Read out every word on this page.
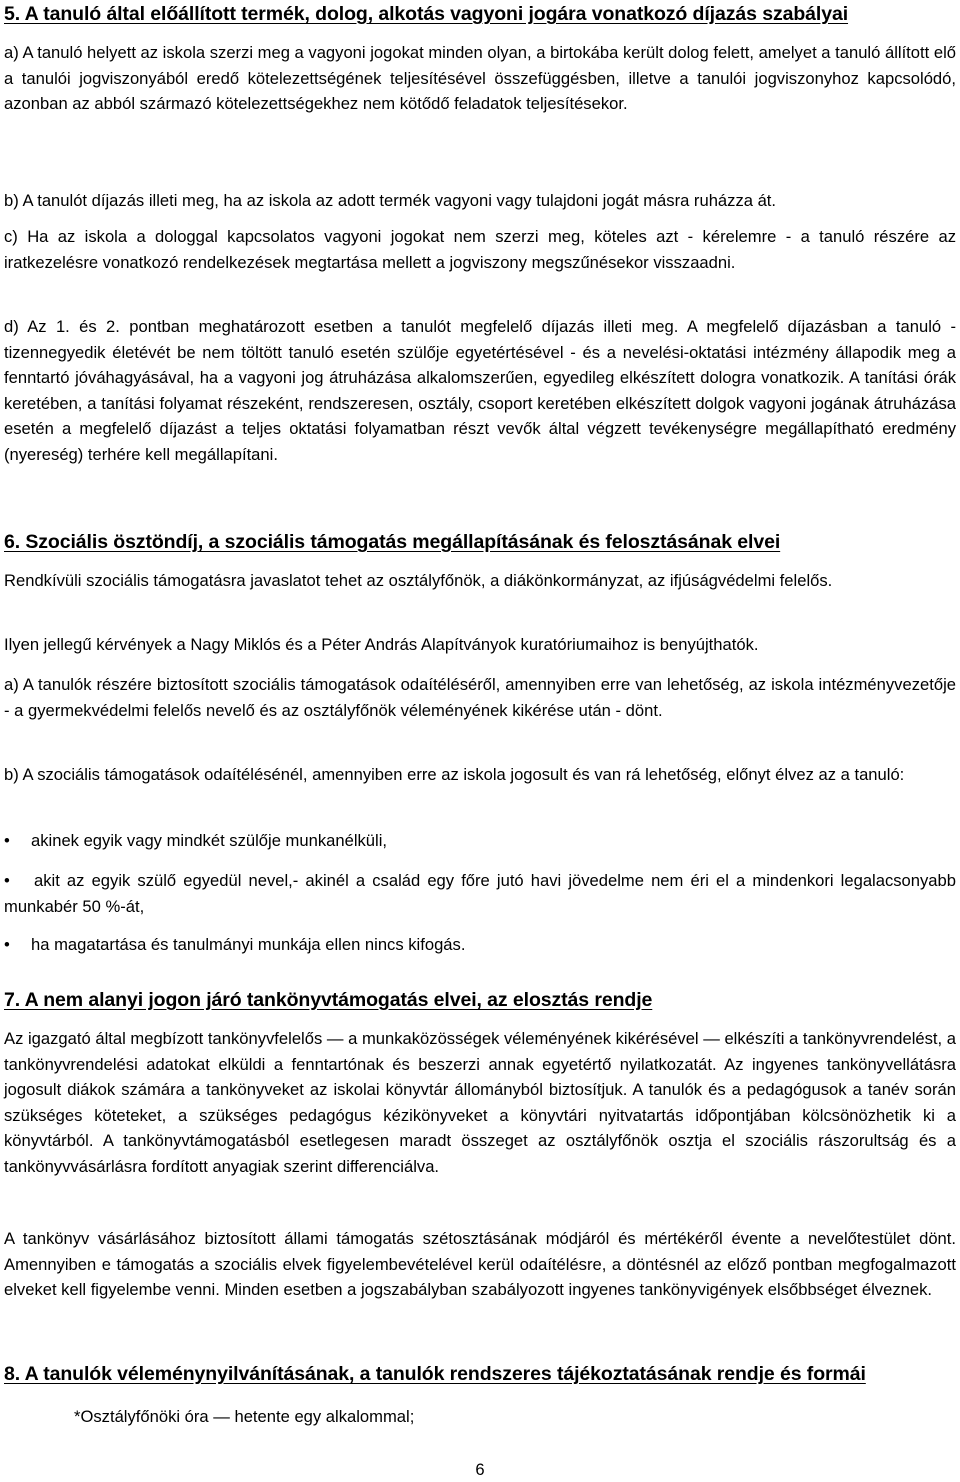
5. A tanuló által előállított termék, dolog, alkotás vagyoni jogára vonatkozó díjazás szabályai

a) A tanuló helyett az iskola szerzi meg a vagyoni jogokat minden olyan, a birtokába került dolog felett, amelyet a tanuló állított elő a tanulói jogviszonyából eredő kötelezettségének teljesítésével összefüggésben, illetve a tanulói jogviszonyhoz kapcsolódó, azonban az abból származó kötelezettségekhez nem kötődő feladatok teljesítésekor.

b) A tanulót díjazás illeti meg, ha az iskola az adott termék vagyoni vagy tulajdoni jogát másra ruházza át.

c) Ha az iskola a dologgal kapcsolatos vagyoni jogokat nem szerzi meg, köteles azt - kérelemre - a tanuló részére az iratkezelésre vonatkozó rendelkezések megtartása mellett a jogviszony megszűnésekor visszaadni.

d) Az 1. és 2. pontban meghatározott esetben a tanulót megfelelő díjazás illeti meg. A megfelelő díjazásban a tanuló - tizennegyedik életévét be nem töltött tanuló esetén szülője egyetértésével - és a nevelési-oktatási intézmény állapodik meg a fenntartó jóváhagyásával, ha a vagyoni jog átruházása alkalomszerűen, egyedileg elkészített dologra vonatkozik. A tanítási órák keretében, a tanítási folyamat részeként, rendszeresen, osztály, csoport keretében elkészített dolgok vagyoni jogának átruházása esetén a megfelelő díjazást a teljes oktatási folyamatban részt vevők által végzett tevékenységre megállapítható eredmény (nyereség) terhére kell megállapítani.

6. Szociális ösztöndíj, a szociális támogatás megállapításának és felosztásának elvei

Rendkívüli szociális támogatásra javaslatot tehet az osztályfőnök, a diákönkormányzat, az ifjúságvédelmi felelős.

Ilyen jellegű kérvények a Nagy Miklós és a Péter András Alapítványok kuratóriumaihoz is benyújthatók.

a) A tanulók részére biztosított szociális támogatások odaítéléséről, amennyiben erre van lehetőség, az iskola intézményvezetője - a gyermekvédelmi felelős nevelő és az osztályfőnök véleményének kikérése után - dönt.

b) A szociális támogatások odaítélésénél, amennyiben erre az iskola jogosult és van rá lehetőség, előnyt élvez az a tanuló:

• akinek egyik vagy mindkét szülője munkanélküli,

• akit az egyik szülő egyedül nevel,- akinél a család egy főre jutó havi jövedelme nem éri el a mindenkori legalacsonyabb munkabér 50 %-át,

• ha magatartása és tanulmányi munkája ellen nincs kifogás.

7. A nem alanyi jogon járó tankönyvtámogatás elvei, az elosztás rendje

Az igazgató által megbízott tankönyvfelelős — a munkaközösségek véleményének kikérésével — elkészíti a tankönyvrendelést, a tankönyvrendelési adatokat elküldi a fenntartónak és beszerzi annak egyetértő nyilatkozatát. Az ingyenes tankönyvellátásra jogosult diákok számára a tankönyveket az iskolai könyvtár állományból biztosítjuk. A tanulók és a pedagógusok a tanév során szükséges köteteket, a szükséges pedagógus kézikönyveket a könyvtári nyitvatartás időpontjában kölcsönözhetik ki a könyvtárból. A tankönyvtámogatásból esetlegesen maradt összeget az osztályfőnök osztja el szociális rászorultság és a tankönyvvásárlásra fordított anyagiak szerint differenciálva.

A tankönyv vásárlásához biztosított állami támogatás szétosztásának módjáról és mértékéről évente a nevelőtestület dönt. Amennyiben e támogatás a szociális elvek figyelembevételével kerül odaítélésre, a döntésnél az előző pontban megfogalmazott elveket kell figyelembe venni. Minden esetben a jogszabályban szabályozott ingyenes tankönyvigények elsőbbséget élveznek.

8. A tanulók véleménynyilvánításának, a tanulók rendszeres tájékoztatásának rendje és formái

*Osztályfőnöki óra — hetente egy alkalommal;

6
